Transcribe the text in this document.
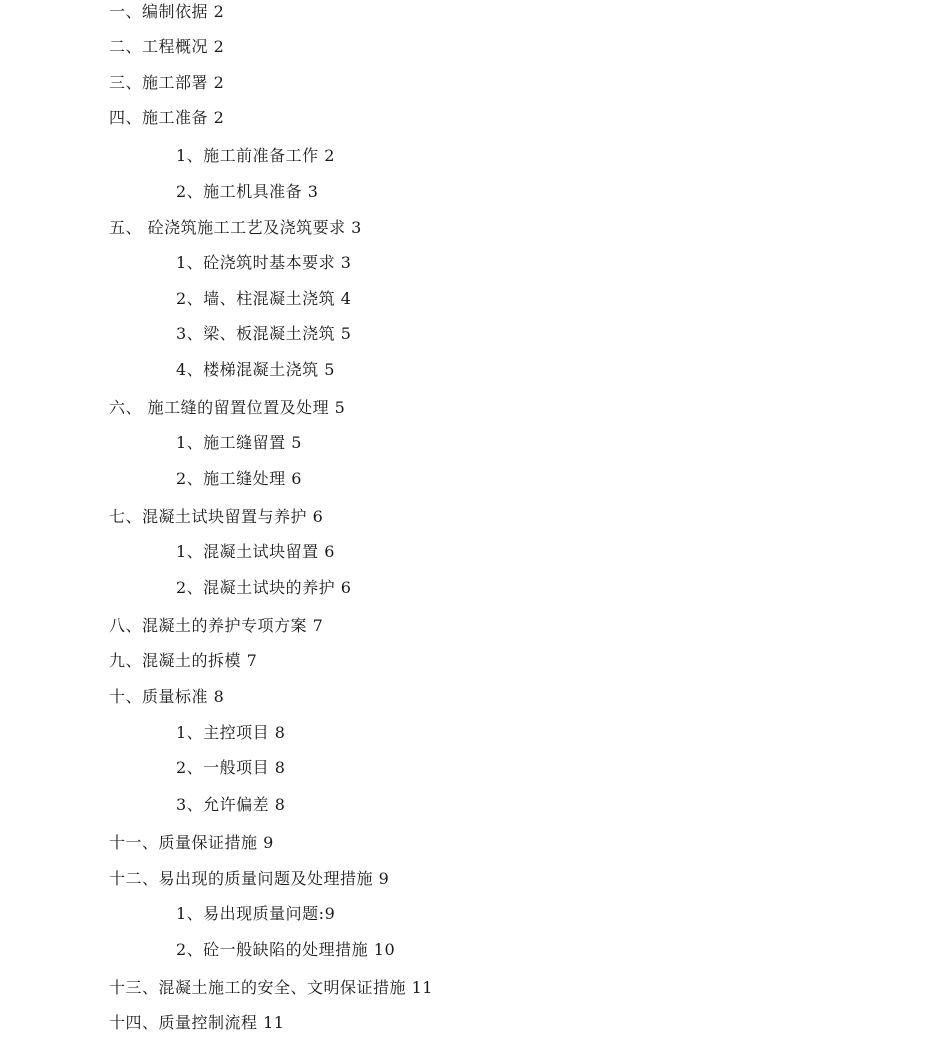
一、编制依据 2
二、工程概况 2
三、施工部署 2
四、施工准备 2
1、施工前准备工作 2
2、施工机具准备 3
五、 砼浇筑施工工艺及浇筑要求 3
1、砼浇筑时基本要求 3
2、墙、柱混凝土浇筑 4
3、梁、板混凝土浇筑 5
4、楼梯混凝土浇筑 5
六、 施工缝的留置位置及处理 5
1、施工缝留置 5
2、施工缝处理 6
七、混凝土试块留置与养护 6
1、混凝土试块留置 6
2、混凝土试块的养护 6
八、混凝土的养护专项方案 7
九、混凝土的拆模 7
十、质量标准 8
1、主控项目 8
2、一般项目 8
3、允许偏差 8
十一、质量保证措施 9
十二、易出现的质量问题及处理措施 9
1、易出现质量问题:9
2、砼一般缺陷的处理措施 10
十三、混凝土施工的安全、文明保证措施 11
十四、质量控制流程 11
